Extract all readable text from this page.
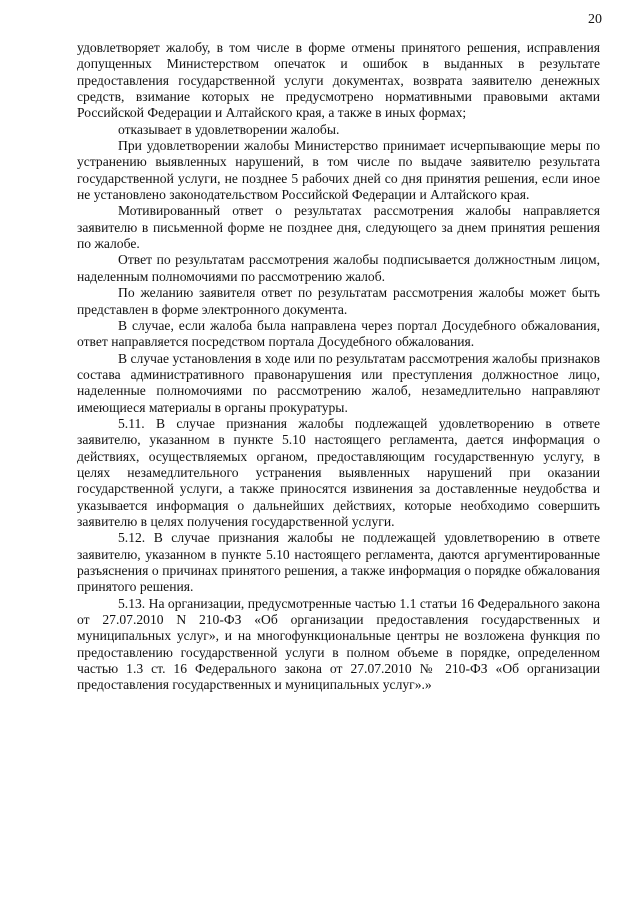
20

удовлетворяет жалобу, в том числе в форме отмены принятого решения, исправления допущенных Министерством опечаток и ошибок в выданных в результате предоставления государственной услуги документах, возврата заявителю денежных средств, взимание которых не предусмотрено нормативными правовыми актами Российской Федерации и Алтайского края, а также в иных формах;

отказывает в удовлетворении жалобы.

При удовлетворении жалобы Министерство принимает исчерпывающие меры по устранению выявленных нарушений, в том числе по выдаче заявителю результата государственной услуги, не позднее 5 рабочих дней со дня принятия решения, если иное не установлено законодательством Российской Федерации и Алтайского края.

Мотивированный ответ о результатах рассмотрения жалобы направляется заявителю в письменной форме не позднее дня, следующего за днем принятия решения по жалобе.

Ответ по результатам рассмотрения жалобы подписывается должностным лицом, наделенным полномочиями по рассмотрению жалоб.

По желанию заявителя ответ по результатам рассмотрения жалобы может быть представлен в форме электронного документа.

В случае, если жалоба была направлена через портал Досудебного обжалования, ответ направляется посредством портала Досудебного обжалования.

В случае установления в ходе или по результатам рассмотрения жалобы признаков состава административного правонарушения или преступления должностное лицо, наделенные полномочиями по рассмотрению жалоб, незамедлительно направляют имеющиеся материалы в органы прокуратуры.

5.11. В случае признания жалобы подлежащей удовлетворению в ответе заявителю, указанном в пункте 5.10 настоящего регламента, дается информация о действиях, осуществляемых органом, предоставляющим государственную услугу, в целях незамедлительного устранения выявленных нарушений при оказании государственной услуги, а также приносятся извинения за доставленные неудобства и указывается информация о дальнейших действиях, которые необходимо совершить заявителю в целях получения государственной услуги.

5.12. В случае признания жалобы не подлежащей удовлетворению в ответе заявителю, указанном в пункте 5.10 настоящего регламента, даются аргументированные разъяснения о причинах принятого решения, а также информация о порядке обжалования принятого решения.

5.13. На организации, предусмотренные частью 1.1 статьи 16 Федерального закона от 27.07.2010 N 210-ФЗ «Об организации предоставления государственных и муниципальных услуг», и на многофункциональные центры не возложена функция по предоставлению государственной услуги в полном объеме в порядке, определенном частью 1.3 ст. 16 Федерального закона от 27.07.2010 № 210-ФЗ «Об организации предоставления государственных и муниципальных услуг».»
